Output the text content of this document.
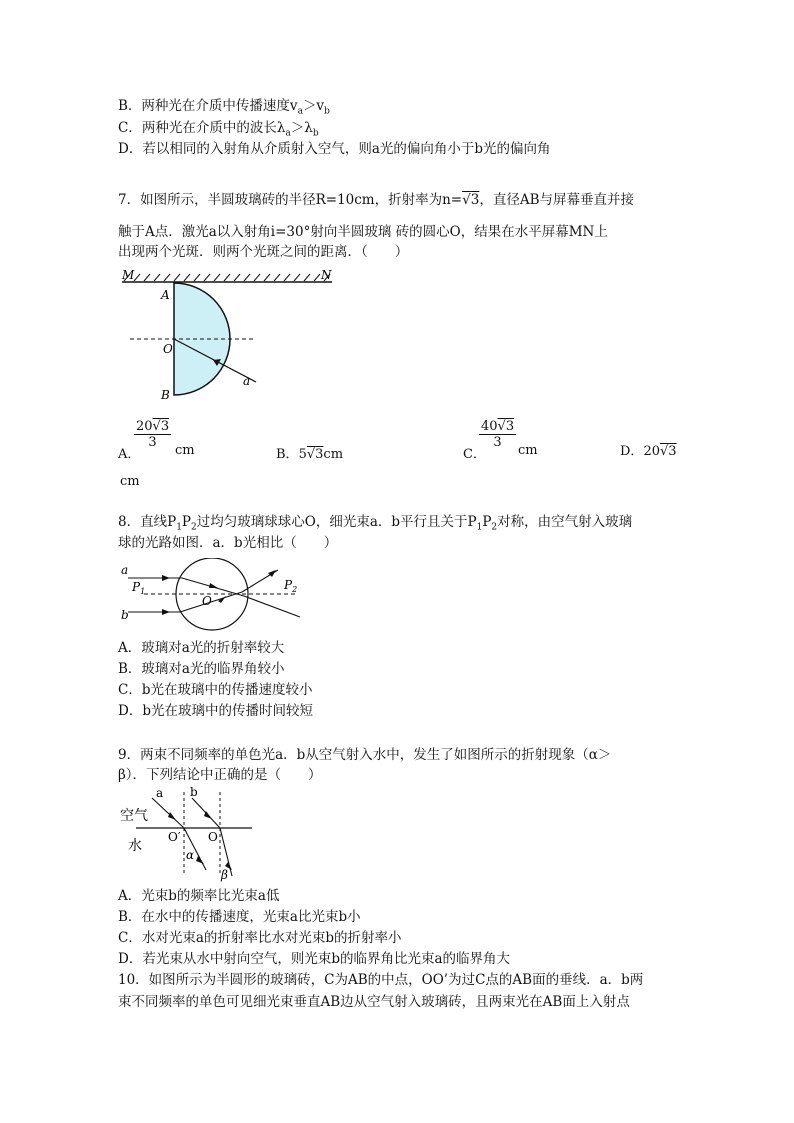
B．两种光在介质中传播速度$v_a>v_b$
C．两种光在介质中的波长$\lambda_a>\lambda_b$
D．若以相同的入射角从介质射入空气，则a光的偏向角小于b光的偏向角
7．如图所示，半圆玻璃砖的半径R=10cm，折射率为n=√3，直径AB与屏幕垂直并接
触于A点．激光a以入射角i=30°射向半圆玻璃 砖的圆心O，结果在水平屏幕MN上
出现两个光斑．则两个光斑之间的距离．（　　）
M	N
A
O
B
a
A．
$\frac{20√3}{3}$
cm	B．5√3cm	C．
$\frac{40√3}{3}$
cm	D．20√3
cm
8．直线$P_1P_2$过均匀玻璃球球心O，细光束a．b平行且关于$P_1P_2$对称，由空气射入玻璃
球的光路如图．a．b光相比（　　）
a
b
$P_1$	$P_2$
O
A．玻璃对a光的折射率较大
B．玻璃对a光的临界角较小
C．b光在玻璃中的传播速度较小
D．b光在玻璃中的传播时间较短
9．两束不同频率的单色光a．b从空气射入水中，发生了如图所示的折射现象（α＞
β）．下列结论中正确的是（　　）
空气
水
a b
O′ O
α
β
A．光束b的频率比光束a低
B．在水中的传播速度，光束a比光束b小
C．水对光束a的折射率比水对光束b的折射率小
D．若光束从水中射向空气，则光束b的临界角比光束a的临界角大
10．如图所示为半圆形的玻璃砖，C为AB的中点，OO’为过C点的AB面的垂线．a．b两
束不同频率的单色可见细光束垂直AB边从空气射入玻璃砖，且两束光在AB面上入射点
